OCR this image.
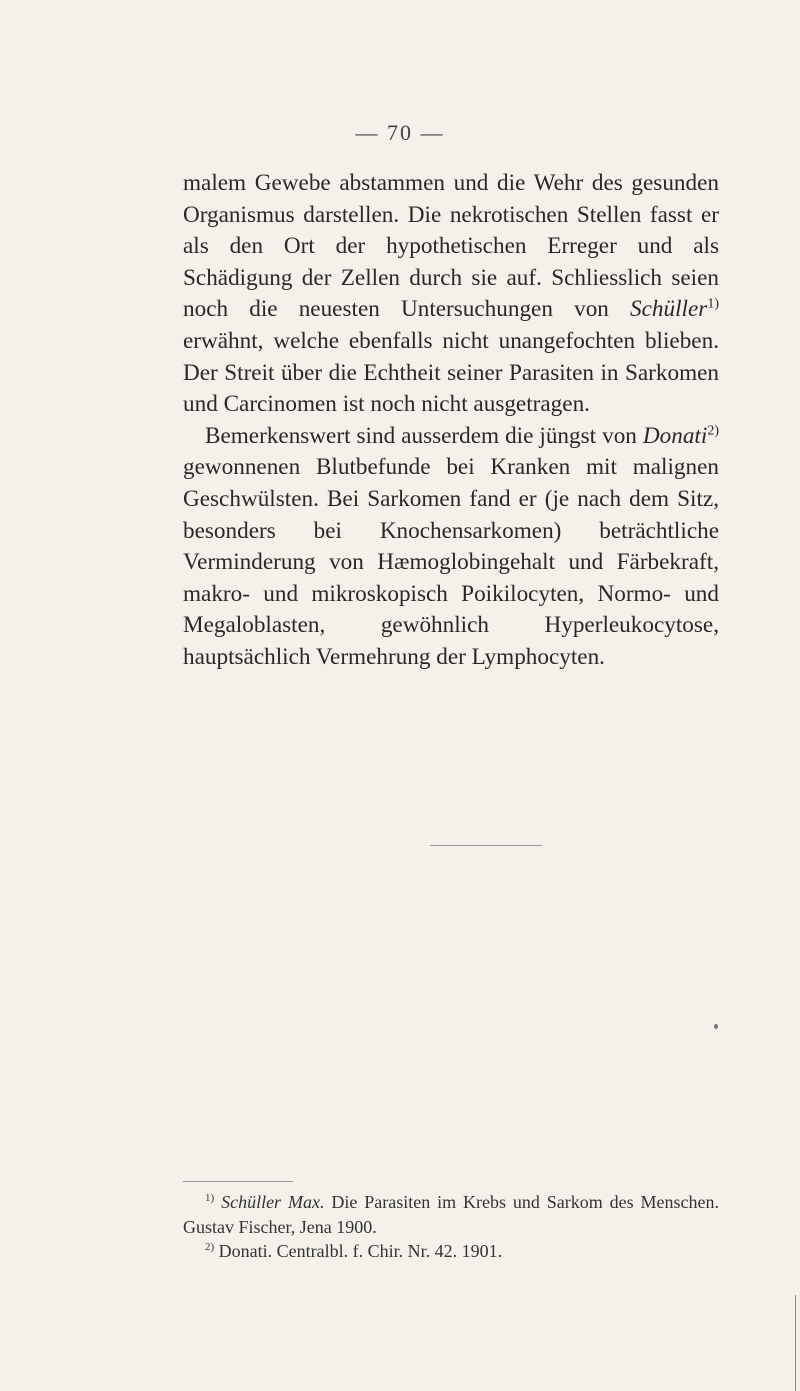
— 70 —

malem Gewebe abstammen und die Wehr des gesunden Organismus darstellen. Die nekrotischen Stellen fasst er als den Ort der hypothetischen Erreger und als Schädigung der Zellen durch sie auf. Schliesslich seien noch die neuesten Untersuchungen von Schüller$^{1)}$ erwähnt, welche ebenfalls nicht unangefochten blieben. Der Streit über die Echtheit seiner Parasiten in Sarkomen und Carcinomen ist noch nicht ausgetragen.

Bemerkenswert sind ausserdem die jüngst von Donati$^{2)}$ gewonnenen Blutbefunde bei Kranken mit malignen Geschwülsten. Bei Sarkomen fand er (je nach dem Sitz, besonders bei Knochensarkomen) beträchtliche Verminderung von Hæmoglobingehalt und Färbekraft, makro- und mikroskopisch Poikilocyten, Normo- und Megaloblasten, gewöhnlich Hyperleukocytose, hauptsächlich Vermehrung der Lymphocyten.

$^{1)}$ Schüller Max. Die Parasiten im Krebs und Sarkom des Menschen. Gustav Fischer, Jena 1900.

$^{2)}$ Donati. Centralbl. f. Chir. Nr. 42. 1901.
